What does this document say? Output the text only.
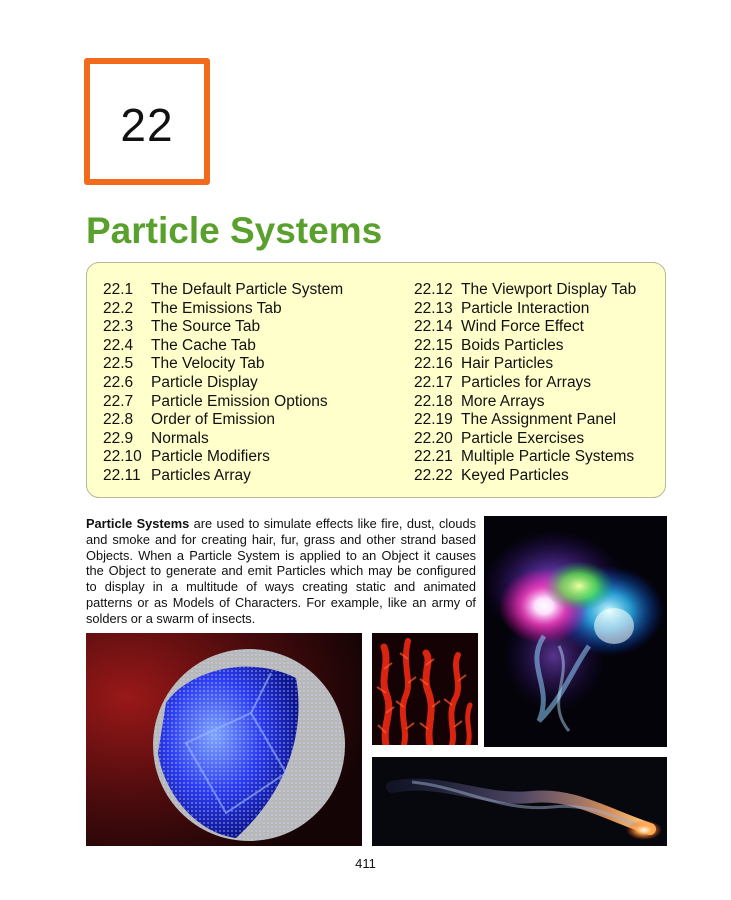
22
Particle Systems
22.1 The Default Particle System
22.2 The Emissions Tab
22.3 The Source Tab
22.4 The Cache Tab
22.5 The Velocity Tab
22.6 Particle Display
22.7 Particle Emission Options
22.8 Order of Emission
22.9 Normals
22.10 Particle Modifiers
22.11 Particles Array
22.12 The Viewport Display Tab
22.13 Particle Interaction
22.14 Wind Force Effect
22.15 Boids Particles
22.16 Hair Particles
22.17 Particles for Arrays
22.18 More Arrays
22.19 The Assignment Panel
22.20 Particle Exercises
22.21 Multiple Particle Systems
22.22 Keyed Particles

Particle Systems are used to simulate effects like fire, dust, clouds and smoke and for creating hair, fur, grass and other strand based Objects. When a Particle System is applied to an Object it causes the Object to generate and emit Particles which may be configured to display in a multitude of ways creating static and animated patterns or as Models of Characters. For example, like an army of solders or a swarm of insects.

411
